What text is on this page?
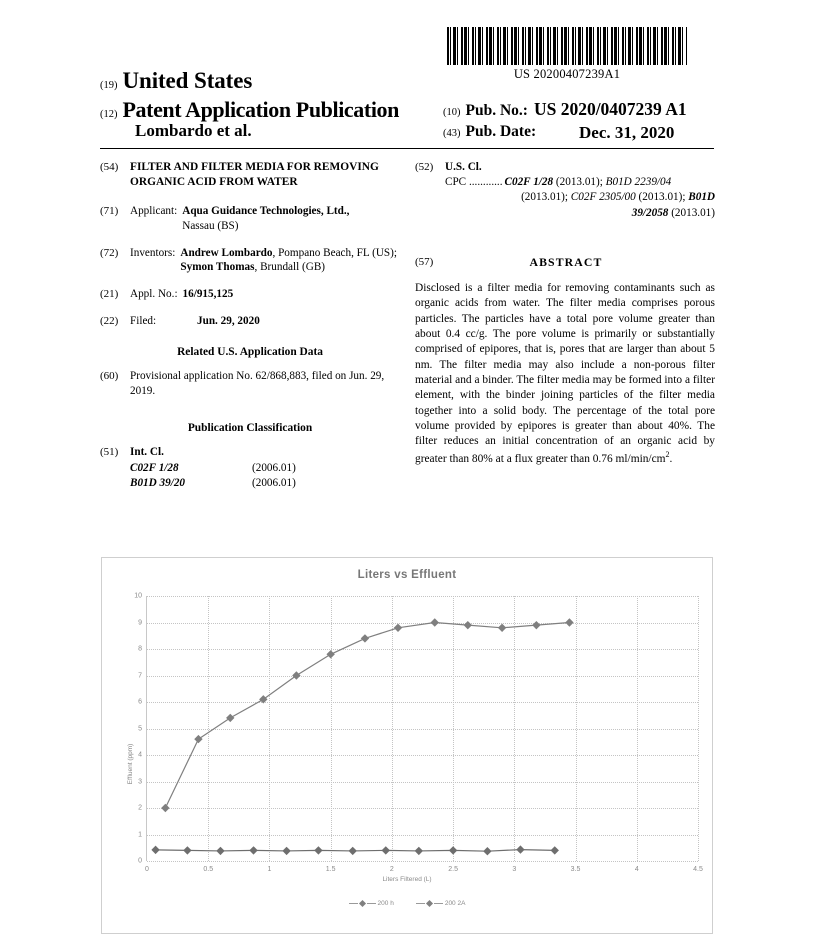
US 20200407239A1
(19) United States
(12) Patent Application Publication
Lombardo et al.
(10) Pub. No.: US 2020/0407239 A1
(43) Pub. Date:	Dec. 31, 2020
(54)	FILTER AND FILTER MEDIA FOR REMOVING ORGANIC ACID FROM WATER
(71)	Applicant: Aqua Guidance Technologies, Ltd.,
Nassau (BS)
(72)	Inventors: Andrew Lombardo, Pompano Beach, FL (US); Symon Thomas, Brundall (GB)
(21)	Appl. No.: 16/915,125
(22)	Filed:	Jun. 29, 2020
Related U.S. Application Data
(60)	Provisional application No. 62/868,883, filed on Jun. 29, 2019.
Publication Classification
(51)	Int. Cl.
C02F 1/28	(2006.01)
B01D 39/20	(2006.01)
(52)	U.S. Cl.
CPC ............ C02F 1/28 (2013.01); B01D 2239/04
(2013.01); C02F 2305/00 (2013.01); B01D
39/2058 (2013.01)
(57)	ABSTRACT
Disclosed is a filter media for removing contaminants such as organic acids from water. The filter media comprises porous particles. The particles have a total pore volume greater than about 0.4 cc/g. The pore volume is primarily or substantially comprised of epipores, that is, pores that are larger than about 5 nm. The filter media may also include a non-porous filter material and a binder. The filter media may be formed into a filter element, with the binder joining particles of the filter media together into a solid body. The percentage of the total pore volume provided by epipores is greater than about 40%. The filter reduces an initial concentration of an organic acid by greater than 80% at a flux greater than 0.76 $ml/\min/cm^2$.
Liters vs Effluent
Effluent (ppm)
0
1
2
3
4
5
6
7
8
9
10
0	0.5	1	1.5	2	2.5	3	3.5	4	4.5
Liters Filtered (L)
200 h	200 2A
